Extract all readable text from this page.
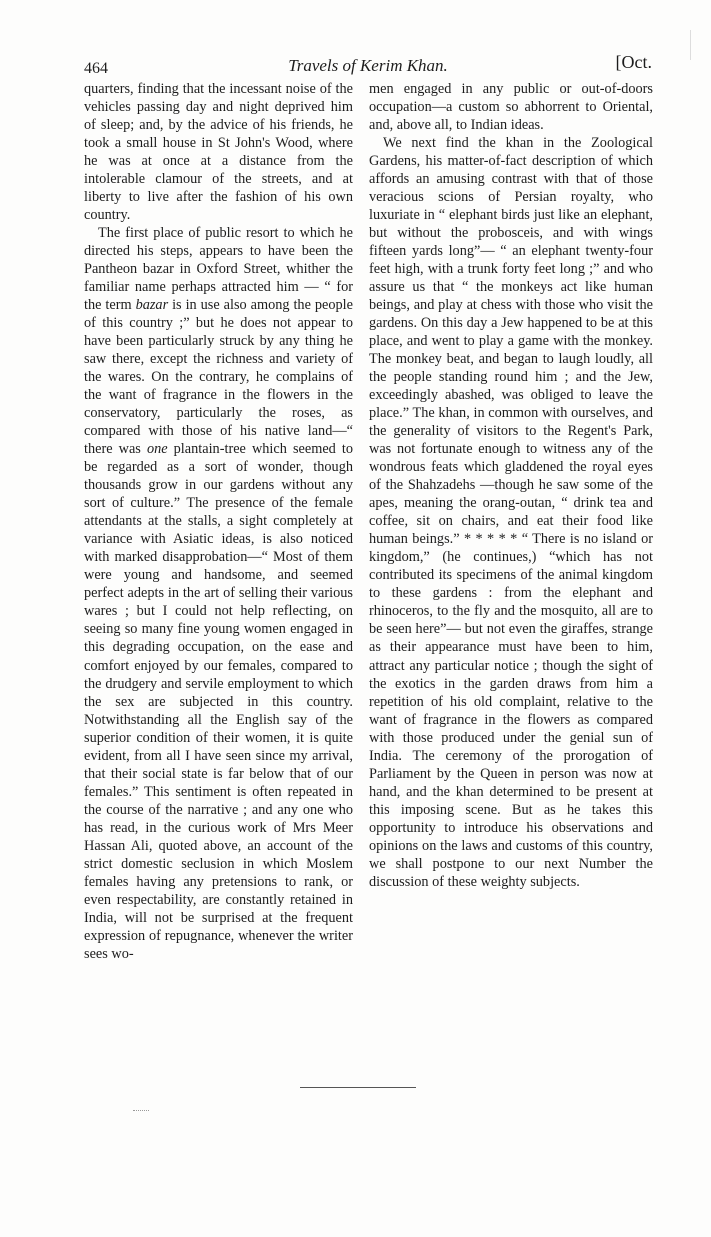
464	Travels of Kerim Khan.	[Oct.

quarters, finding that the incessant noise of the vehicles passing day and night deprived him of sleep; and, by the advice of his friends, he took a small house in St John's Wood, where he was at once at a distance from the intolerable clamour of the streets, and at liberty to live after the fashion of his own country.

The first place of public resort to which he directed his steps, appears to have been the Pantheon bazar in Oxford Street, whither the familiar name perhaps attracted him — “ for the term bazar is in use also among the people of this country ;” but he does not appear to have been particularly struck by any thing he saw there, except the richness and variety of the wares. On the contrary, he complains of the want of fragrance in the flowers in the conservatory, particularly the roses, as compared with those of his native land—“ there was one plantain-tree which seemed to be regarded as a sort of wonder, though thousands grow in our gardens without any sort of culture.” The presence of the female attendants at the stalls, a sight completely at variance with Asiatic ideas, is also noticed with marked disapprobation—“ Most of them were young and handsome, and seemed perfect adepts in the art of selling their various wares ; but I could not help reflecting, on seeing so many fine young women engaged in this degrading occupation, on the ease and comfort enjoyed by our females, compared to the drudgery and servile employment to which the sex are subjected in this country. Notwithstanding all the English say of the superior condition of their women, it is quite evident, from all I have seen since my arrival, that their social state is far below that of our females.” This sentiment is often repeated in the course of the narrative ; and any one who has read, in the curious work of Mrs Meer Hassan Ali, quoted above, an account of the strict domestic seclusion in which Moslem females having any pretensions to rank, or even respectability, are constantly retained in India, will not be surprised at the frequent expression of repugnance, whenever the writer sees wo-

men engaged in any public or out-of-doors occupation—a custom so abhorrent to Oriental, and, above all, to Indian ideas.

We next find the khan in the Zoological Gardens, his matter-of-fact description of which affords an amusing contrast with that of those veracious scions of Persian royalty, who luxuriate in “ elephant birds just like an elephant, but without the probosceis, and with wings fifteen yards long”— “ an elephant twenty-four feet high, with a trunk forty feet long ;” and who assure us that “ the monkeys act like human beings, and play at chess with those who visit the gardens. On this day a Jew happened to be at this place, and went to play a game with the monkey. The monkey beat, and began to laugh loudly, all the people standing round him ; and the Jew, exceedingly abashed, was obliged to leave the place.” The khan, in common with ourselves, and the generality of visitors to the Regent's Park, was not fortunate enough to witness any of the wondrous feats which gladdened the royal eyes of the Shahzadehs —though he saw some of the apes, meaning the orang-outan, “ drink tea and coffee, sit on chairs, and eat their food like human beings.” * * * * * “ There is no island or kingdom,” (he continues,) “which has not contributed its specimens of the animal kingdom to these gardens : from the elephant and rhinoceros, to the fly and the mosquito, all are to be seen here”— but not even the giraffes, strange as their appearance must have been to him, attract any particular notice ; though the sight of the exotics in the garden draws from him a repetition of his old complaint, relative to the want of fragrance in the flowers as compared with those produced under the genial sun of India. The ceremony of the prorogation of Parliament by the Queen in person was now at hand, and the khan determined to be present at this imposing scene. But as he takes this opportunity to introduce his observations and opinions on the laws and customs of this country, we shall postpone to our next Number the discussion of these weighty subjects.
